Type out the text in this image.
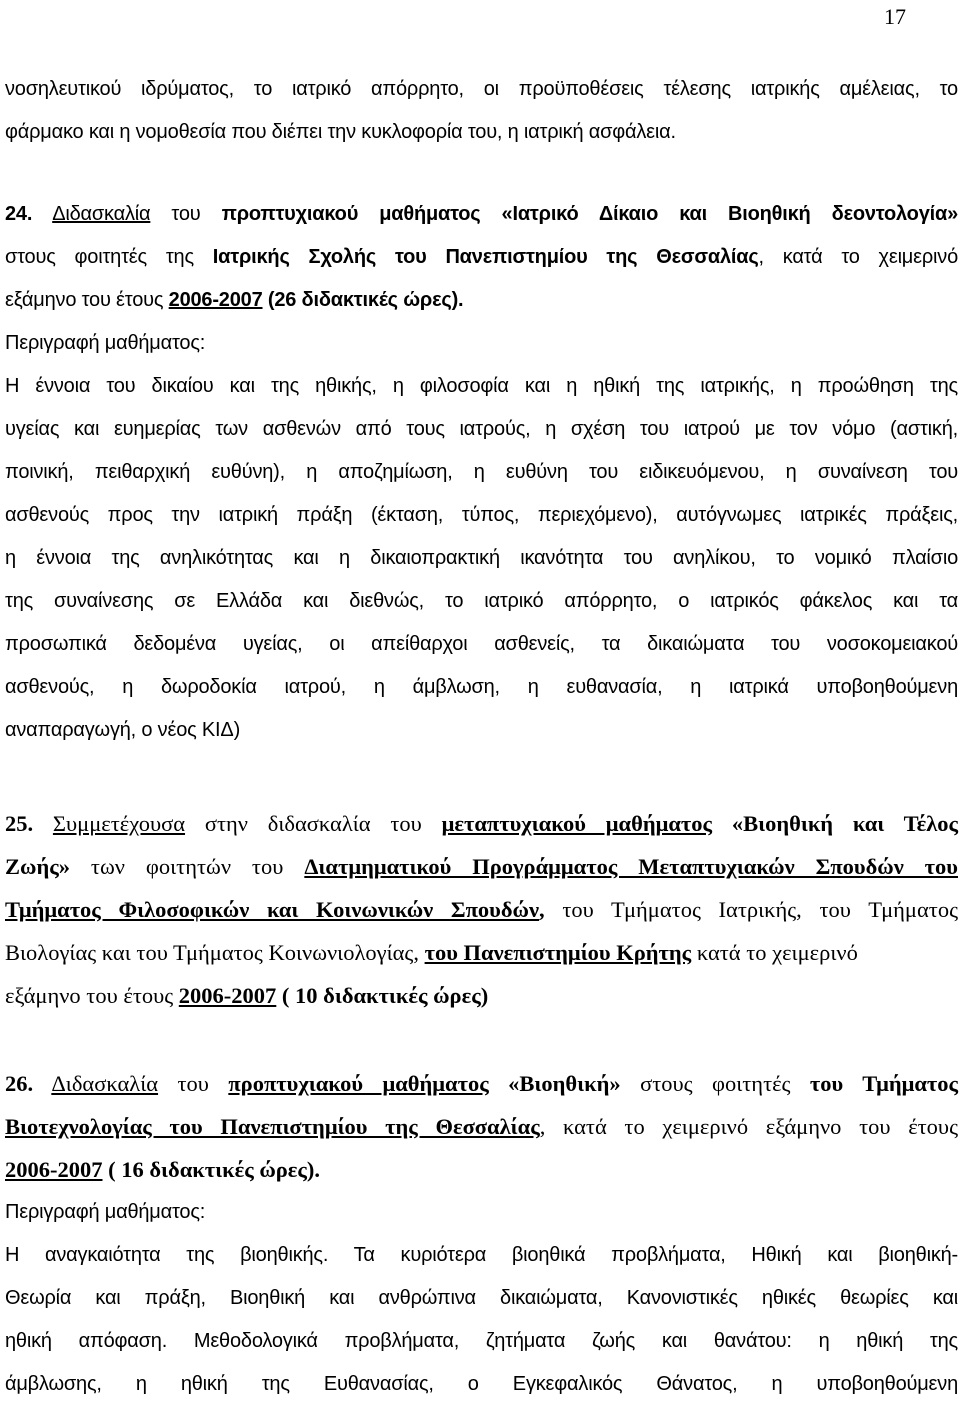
17
νοσηλευτικού ιδρύματος, το ιατρικό απόρρητο, οι προϋποθέσεις τέλεσης ιατρικής αμέλειας, το
φάρμακο και η νομοθεσία που διέπει την κυκλοφορία του, η ιατρική ασφάλεια.
24. Διδασκαλία του προπτυχιακού μαθήματος «Ιατρικό Δίκαιο και Βιοηθική δεοντολογία»
στους φοιτητές της Ιατρικής Σχολής του Πανεπιστημίου της Θεσσαλίας, κατά το χειμερινό
εξάμηνο του έτους 2006-2007 (26 διδακτικές ώρες).
Περιγραφή μαθήματος:
Η έννοια του δικαίου και της ηθικής, η φιλοσοφία και η ηθική της ιατρικής, η προώθηση της
υγείας και ευημερίας των ασθενών από τους ιατρούς, η σχέση του ιατρού με τον νόμο (αστική,
ποινική, πειθαρχική ευθύνη), η αποζημίωση, η ευθύνη του ειδικευόμενου, η συναίνεση του
ασθενούς προς την ιατρική πράξη (έκταση, τύπος, περιεχόμενο), αυτόγνωμες ιατρικές πράξεις,
η έννοια της ανηλικότητας και η δικαιοπρακτική ικανότητα του ανηλίκου, το νομικό πλαίσιο
της συναίνεσης σε Ελλάδα και διεθνώς, το ιατρικό απόρρητο, ο ιατρικός φάκελος και τα
προσωπικά δεδομένα υγείας, οι απείθαρχοι ασθενείς, τα δικαιώματα του νοσοκομειακού
ασθενούς, η δωροδοκία ιατρού, η άμβλωση, η ευθανασία, η ιατρικά υποβοηθούμενη
αναπαραγωγή, ο νέος ΚΙΔ)
25. Συμμετέχουσα στην διδασκαλία του μεταπτυχιακού μαθήματος «Βιοηθική και Τέλος
Ζωής» των φοιτητών του Διατμηματικού Προγράμματος Μεταπτυχιακών Σπουδών του
Τμήματος Φιλοσοφικών και Κοινωνικών Σπουδών, του Τμήματος Ιατρικής, του Τμήματος
Βιολογίας και του Τμήματος Κοινωνιολογίας, του Πανεπιστημίου Κρήτης κατά το χειμερινό
εξάμηνο του έτους 2006-2007 ( 10 διδακτικές ώρες)
26. Διδασκαλία του προπτυχιακού μαθήματος «Βιοηθική» στους φοιτητές του Τμήματος
Βιοτεχνολογίας του Πανεπιστημίου της Θεσσαλίας, κατά το χειμερινό εξάμηνο του έτους
2006-2007 ( 16 διδακτικές ώρες).
Περιγραφή μαθήματος:
Η αναγκαιότητα της βιοηθικής. Τα κυριότερα βιοηθικά προβλήματα, Ηθική και βιοηθική-
Θεωρία και πράξη, Βιοηθική και ανθρώπινα δικαιώματα, Κανονιστικές ηθικές θεωρίες και
ηθική απόφαση. Μεθοδολογικά προβλήματα, ζητήματα ζωής και θανάτου: η ηθική της
άμβλωσης, η ηθική της Ευθανασίας, ο Εγκεφαλικός Θάνατος, η υποβοηθούμενη
